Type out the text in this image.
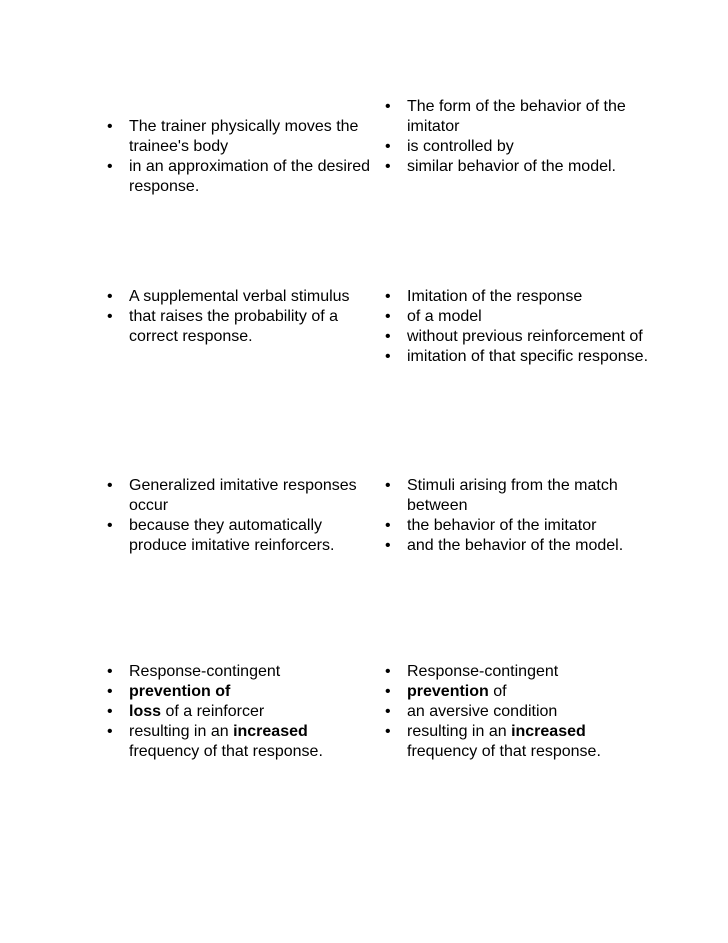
•	The trainer physically moves the trainee's body
•	in an approximation of the desired response.
•	The form of the behavior of the imitator
•	is controlled by
•	similar behavior of the model.
•	A supplemental verbal stimulus
•	that raises the probability of a correct response.
•	Imitation of the response
•	of a model
•	without previous reinforcement of
•	imitation of that specific response.
•	Generalized imitative responses occur
•	because they automatically produce imitative reinforcers.
•	Stimuli arising from the match between
•	the behavior of the imitator
•	and the behavior of the model.
•	Response-contingent
•	prevention of
•	loss of a reinforcer
•	resulting in an increased frequency of that response.
•	Response-contingent
•	prevention of
•	an aversive condition
•	resulting in an increased frequency of that response.
